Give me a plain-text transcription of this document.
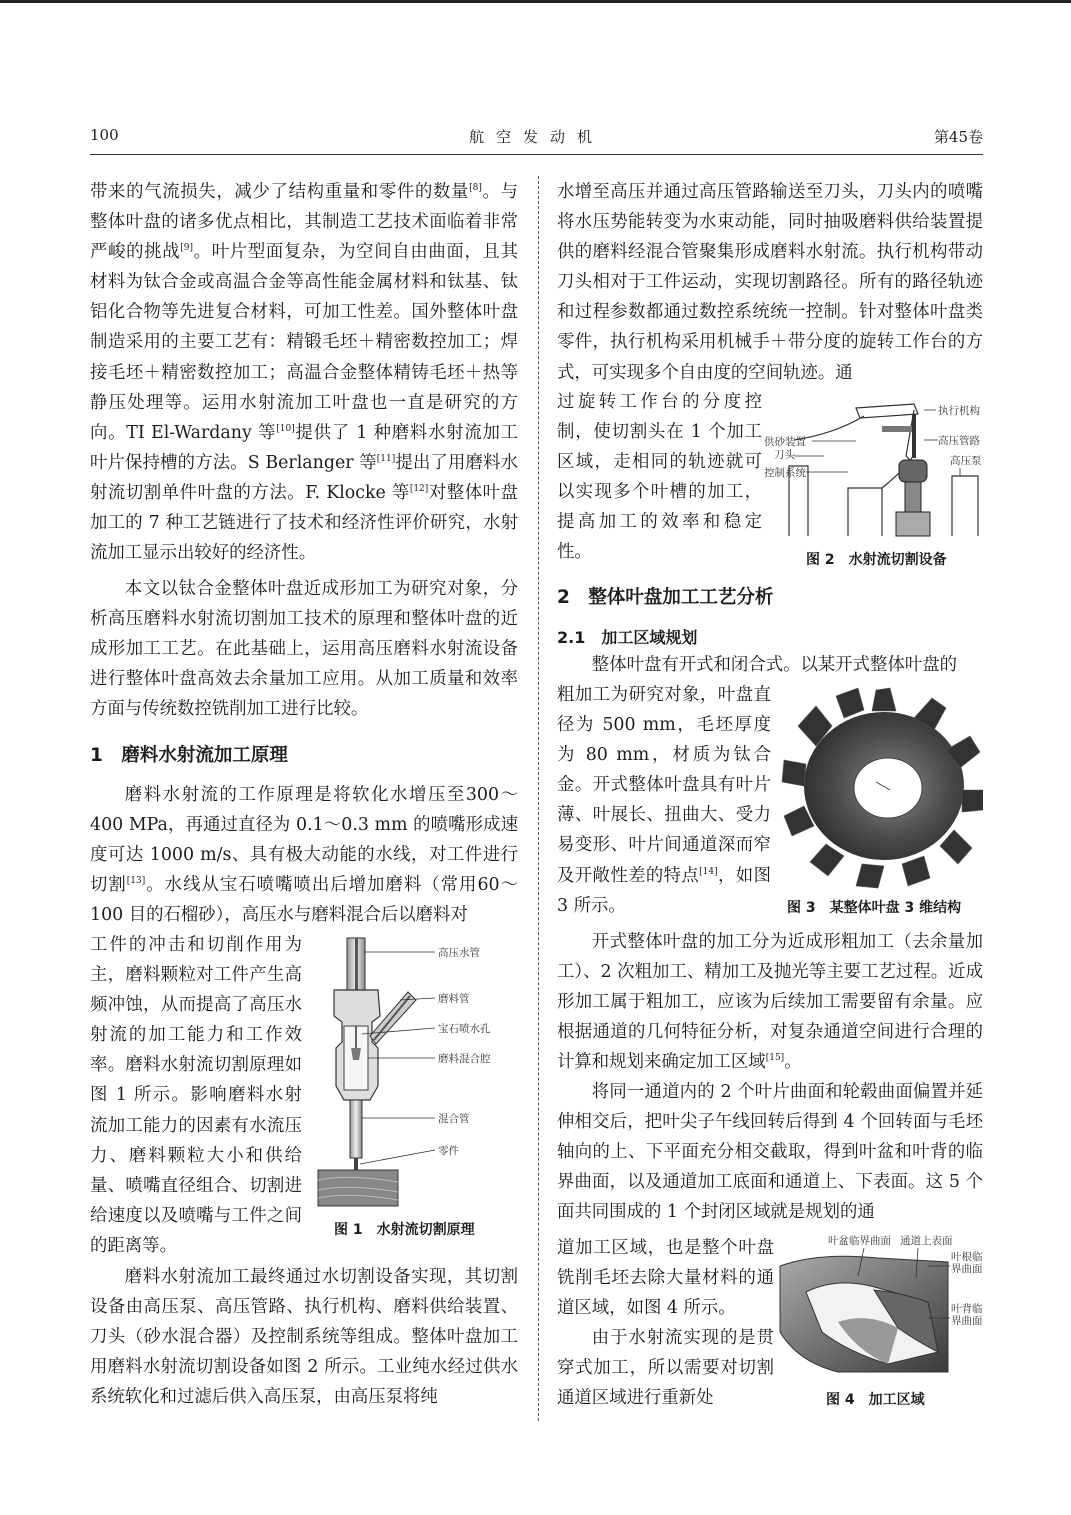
100	航空发动机	第45卷

带来的气流损失，减少了结构重量和零件的数量[8]。与整体叶盘的诸多优点相比，其制造工艺技术面临着非常严峻的挑战[9]。叶片型面复杂，为空间自由曲面，且其材料为钛合金或高温合金等高性能金属材料和钛基、钛铝化合物等先进复合材料，可加工性差。国外整体叶盘制造采用的主要工艺有：精锻毛坯＋精密数控加工；焊接毛坯＋精密数控加工；高温合金整体精铸毛坯＋热等静压处理等。运用水射流加工叶盘也一直是研究的方向。TI El-Wardany 等[10]提供了 1 种磨料水射流加工叶片保持槽的方法。S Berlanger 等[11]提出了用磨料水射流切割单件叶盘的方法。F. Klocke 等[12]对整体叶盘加工的 7 种工艺链进行了技术和经济性评价研究，水射流加工显示出较好的经济性。

本文以钛合金整体叶盘近成形加工为研究对象，分析高压磨料水射流切割加工技术的原理和整体叶盘的近成形加工工艺。在此基础上，运用高压磨料水射流设备进行整体叶盘高效去余量加工应用。从加工质量和效率方面与传统数控铣削加工进行比较。

1　磨料水射流加工原理

磨料水射流的工作原理是将软化水增压至300～400 MPa，再通过直径为 0.1～0.3 mm 的喷嘴形成速度可达 1000 m/s、具有极大动能的水线，对工件进行切割[13]。水线从宝石喷嘴喷出后增加磨料（常用60～100 目的石榴砂），高压水与磨料混合后以磨料对

工件的冲击和切削作用为主，磨料颗粒对工件产生高频冲蚀，从而提高了高压水射流的加工能力和工作效率。磨料水射流切割原理如图 1 所示。影响磨料水射流加工能力的因素有水流压力、磨料颗粒大小和供给量、喷嘴直径组合、切割进给速度以及喷嘴与工件之间的距离等。

磨料水射流加工最终通过水切割设备实现，其切割设备由高压泵、高压管路、执行机构、磨料供给装置、刀头（砂水混合器）及控制系统等组成。整体叶盘加工用磨料水射流切割设备如图 2 所示。工业纯水经过供水系统软化和过滤后供入高压泵，由高压泵将纯

高压水管
磨料管
宝石喷水孔
磨料混合腔
混合管
零件
图 1　水射流切割原理

水增至高压并通过高压管路输送至刀头，刀头内的喷嘴将水压势能转变为水束动能，同时抽吸磨料供给装置提供的磨料经混合管聚集形成磨料水射流。执行机构带动刀头相对于工件运动，实现切割路径。所有的路径轨迹和过程参数都通过数控系统统一控制。针对整体叶盘类零件，执行机构采用机械手＋带分度的旋转工作台的方式，可实现多个自由度的空间轨迹。通

过旋转工作台的分度控制，使切割头在 1 个加工区域，走相同的轨迹就可以实现多个叶槽的加工，提高加工的效率和稳定性。

供砂装置
执行机构
刀头
高压管路
控制系统
高压泵
图 2　水射流切割设备
2　整体叶盘加工工艺分析
2.1　加工区域规划

整体叶盘有开式和闭合式。以某开式整体叶盘的

粗加工为研究对象，叶盘直径为 500 mm，毛坯厚度为 80 mm，材质为钛合金。开式整体叶盘具有叶片薄、叶展长、扭曲大、受力易变形、叶片间通道深而窄及开敞性差的特点[14]，如图 3 所示。	图 3　某整体叶盘 3 维结构

开式整体叶盘的加工分为近成形粗加工（去余量加工）、2 次粗加工、精加工及抛光等主要工艺过程。近成形加工属于粗加工，应该为后续加工需要留有余量。应根据通道的几何特征分析，对复杂通道空间进行合理的计算和规划来确定加工区域[15]。

将同一通道内的 2 个叶片曲面和轮毂曲面偏置并延伸相交后，把叶尖子午线回转后得到 4 个回转面与毛坯轴向的上、下平面充分相交截取，得到叶盆和叶背的临界曲面，以及通道加工底面和通道上、下表面。这 5 个面共同围成的 1 个封闭区域就是规划的通

道加工区域，也是整个叶盘铣削毛坯去除大量材料的通道区域，如图 4 所示。

由于水射流实现的是贯穿式加工，所以需要对切割通道区域进行重新处

叶盆临界曲面 通道上表面
叶根临界曲面
叶背临界曲面
图 4　加工区域
